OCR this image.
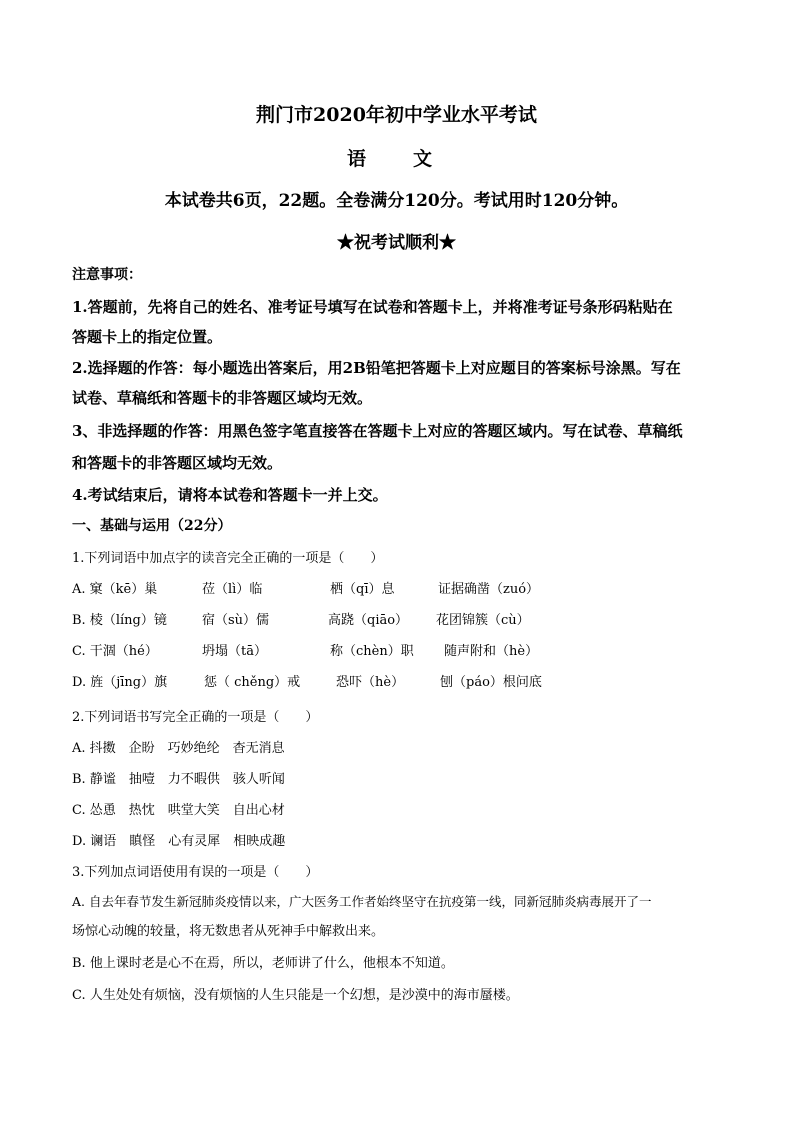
荆门市2020年初中学业水平考试
语　文
本试卷共6页，22题。全卷满分120分。考试用时120分钟。
★祝考试顺利★
注意事项：
1.答题前，先将自己的姓名、准考证号填写在试卷和答题卡上，并将准考证号条形码粘贴在
答题卡上的指定位置。
2.选择题的作答：每小题选出答案后，用2B铅笔把答题卡上对应题目的答案标号涂黑。写在
试卷、草稿纸和答题卡的非答题区域均无效。
3、非选择题的作答：用黑色签字笔直接答在答题卡上对应的答题区域内。写在试卷、草稿纸
和答题卡的非答题区域均无效。
4.考试结束后，请将本试卷和答题卡一并上交。
一、基础与运用（22分）
1.下列词语中加点字的读音完全正确的一项是（　　）
A. 窠（kē）巢	莅（lì）临	栖（qī）息	证据确凿（zuó）
B. 棱（líng）镜	宿（sù）儒	高跷（qiāo） 花团锦簇（cù）
C. 干涸（hé）	坍塌（tā）	称（chèn）职 随声附和（hè）
D. 旌（jīng）旗	惩（ chěng）戒	恐吓（hè）	刨（páo）根问底
2.下列词语书写完全正确的一项是（　　）
A. 抖擞　企盼　巧妙绝纶　杳无消息
B. 静谧　抽噎　力不暇供　骇人听闻
C. 怂恿　热忱　哄堂大笑　自出心材
D. 谰语　瞋怪　心有灵犀　相映成趣
3.下列加点词语使用有误的一项是（　　）
A. 自去年春节发生新冠肺炎疫情以来，广大医务工作者始终坚守在抗疫第一线，同新冠肺炎病毒展开了一
场惊心动魄的较量，将无数患者从死神手中解救出来。
B. 他上课时老是心不在焉，所以，老师讲了什么，他根本不知道。
C. 人生处处有烦恼，没有烦恼的人生只能是一个幻想，是沙漠中的海市蜃楼。
